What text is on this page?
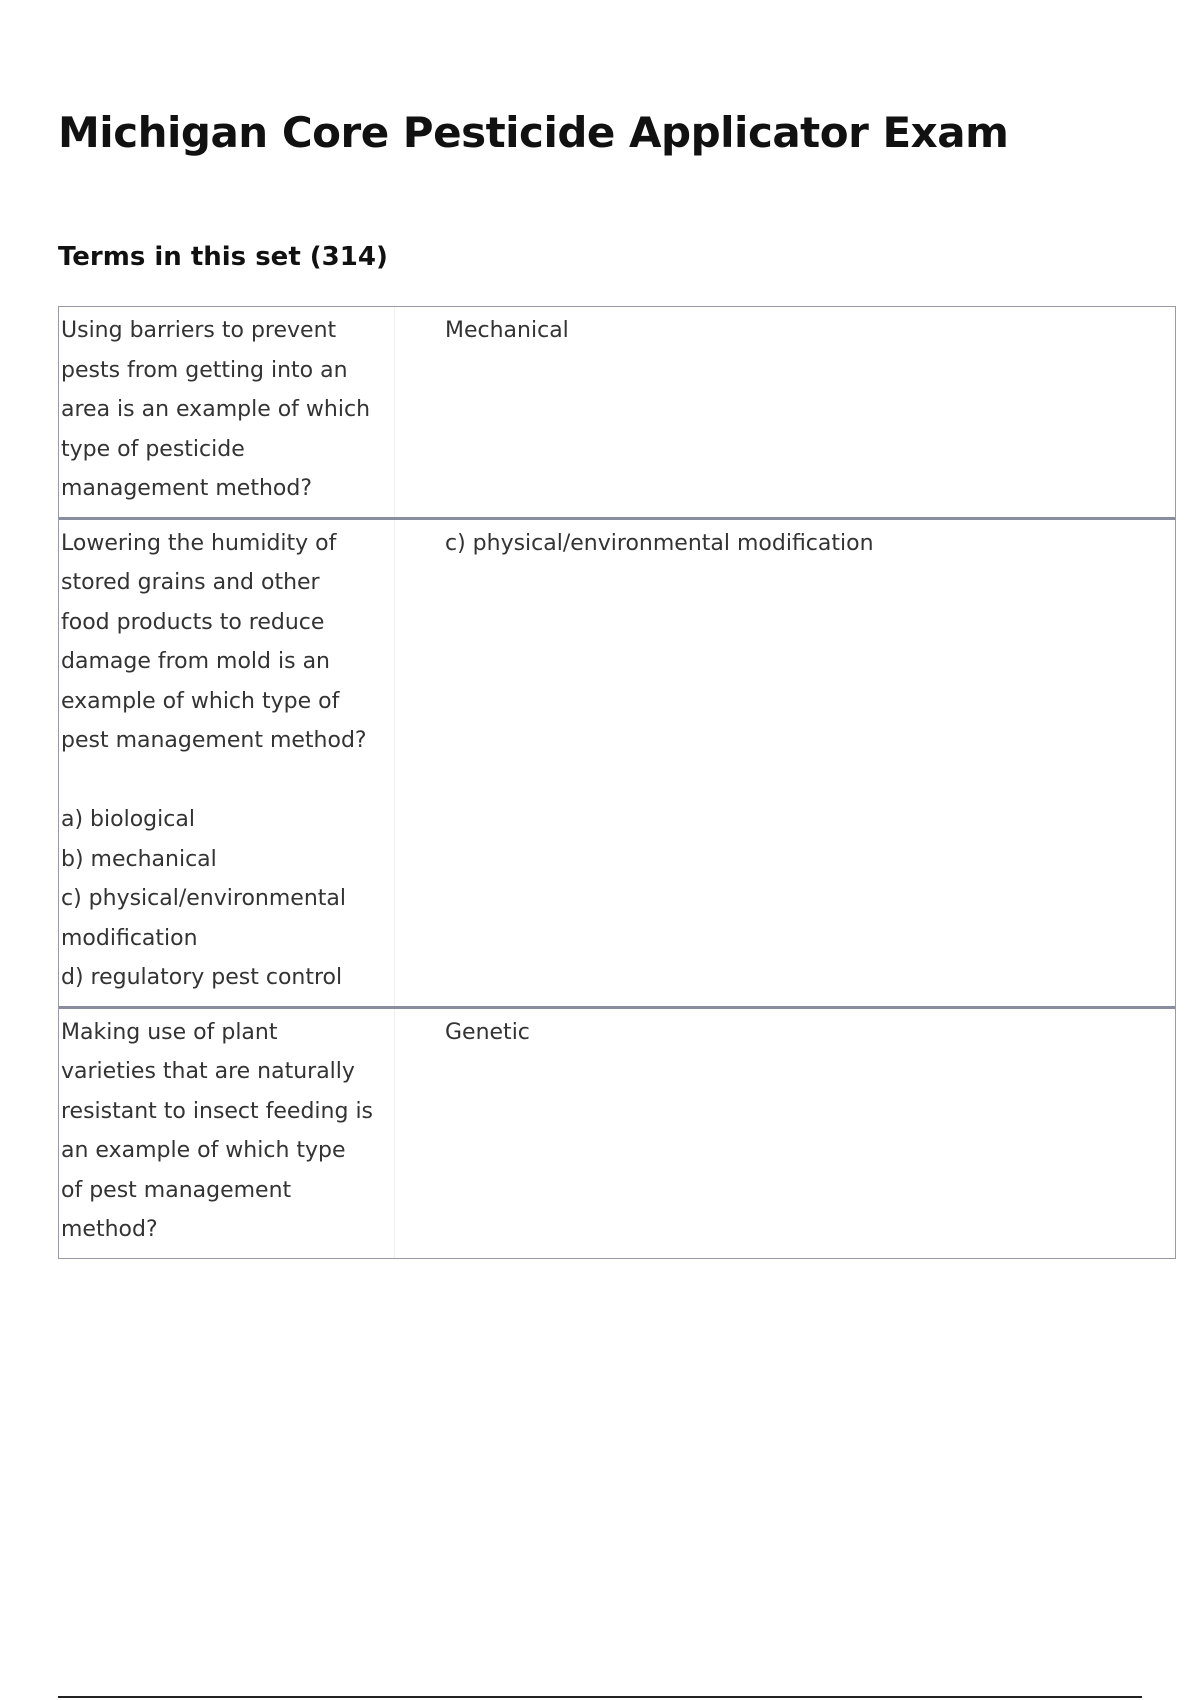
Michigan Core Pesticide Applicator Exam
Terms in this set (314)
Using barriers to prevent
pests from getting into an
area is an example of which
type of pesticide
management method?
Mechanical
Lowering the humidity of
stored grains and other
food products to reduce
damage from mold is an
example of which type of
pest management method?

a) biological
b) mechanical
c) physical/environmental
modification
d) regulatory pest control
c) physical/environmental modification
Making use of plant
varieties that are naturally
resistant to insect feeding is
an example of which type
of pest management
method?
Genetic
